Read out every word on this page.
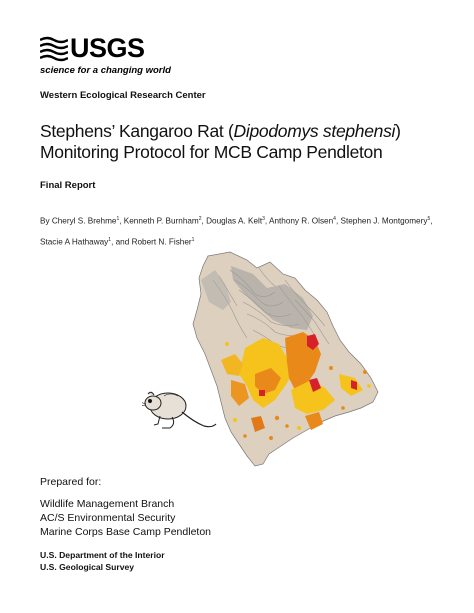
USGS
science for a changing world
Western Ecological Research Center
Stephens’ Kangaroo Rat (Dipodomys stephensi)
Monitoring Protocol for MCB Camp Pendleton
Final Report
By Cheryl S. Brehme$^1$, Kenneth P. Burnham$^2$, Douglas A. Kelt$^3$, Anthony R. Olsen$^4$, Stephen J. Montgomery$^5$, Stacie A Hathaway$^1$, and Robert N. Fisher$^1$
Prepared for:
Wildlife Management Branch
AC/S Environmental Security
Marine Corps Base Camp Pendleton
U.S. Department of the Interior
U.S. Geological Survey
